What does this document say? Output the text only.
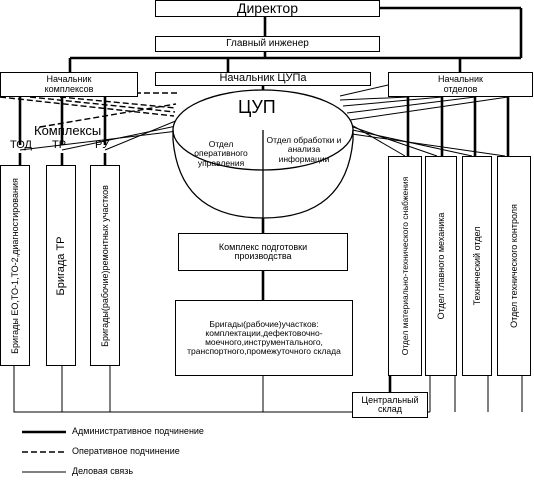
Директор
Главный инженер
Начальник комплексов
Начальник ЦУПа	Начальник отделов
ЦУП
Отдел оперативного управления
Отдел обработки и анализа информации
Комплексы
ТОД ТР	РУ
Бригады ЕО,ТО-1,ТО-2,диагностирования	Бригада ТР	Бригады(рабочие)ремонтных участков	Комплекс подготовки производства
Бригады(рабочие)участков: комплектации,дефектовочно-моечного,инструментального, транспортного,промежуточного склада	Отдел материально-технического снабжения	Отдел главного механика	Технический отдел	Отдел технического контроля
Центральный склад
Административное подчинение
Оперативное подчинение
Деловая связь
